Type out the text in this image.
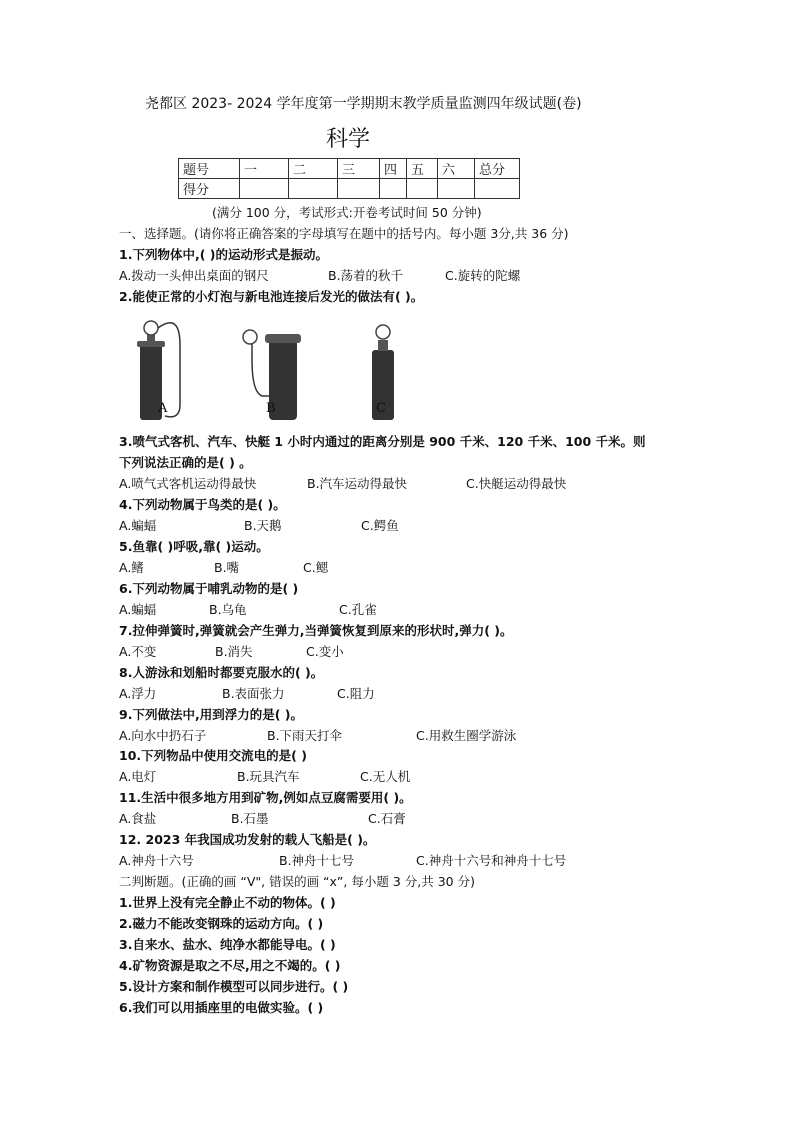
尧都区 2023- 2024 学年度第一学期期末教学质量监测四年级试题(卷)
科学
题号	一	二	三	四	五	六	总分
得分							
(满分 100 分，考试形式:开卷考试时间 50 分钟)
一、选择题。(请你将正确答案的字母填写在题中的括号内。每小题 3分,共 36 分)
1.下列物体中,( )的运动形式是振动。
A.拨动一头伸出桌面的钢尺	B.荡着的秋千	C.旋转的陀螺
2.能使正常的小灯泡与新电池连接后发光的做法有( )。
A	B	C
3.喷气式客机、汽车、快艇 1 小时内通过的距离分别是 900 千米、120 千米、100 千米。则
下列说法正确的是( ) 。
A.喷气式客机运动得最快	B.汽车运动得最快	C.快艇运动得最快
4.下列动物属于鸟类的是( )。
A.蝙蝠	B.天鹅	C.鳄鱼
5.鱼靠( )呼吸,靠( )运动。
A.鳍	B.嘴	C.鳃
6.下列动物属于哺乳动物的是( )
A.蝙蝠	B.乌龟	C.孔雀
7.拉伸弹簧时,弹簧就会产生弹力,当弹簧恢复到原来的形状时,弹力( )。
A.不变	B.消失	C.变小
8.人游泳和划船时都要克服水的( )。
A.浮力	B.表面张力	C.阻力
9.下列做法中,用到浮力的是( )。
A.向水中扔石子	B.下雨天打伞	C.用救生圈学游泳
10.下列物品中使用交流电的是( )
A.电灯	B.玩具汽车	C.无人机
11.生活中很多地方用到矿物,例如点豆腐需要用( )。
A.食盐	B.石墨	C.石膏
12. 2023 年我国成功发射的载人飞船是( )。
A.神舟十六号	B.神舟十七号	C.神舟十六号和神舟十七号
二判断题。(正确的画 “V", 错误的画 “x”, 每小题 3 分,共 30 分)
1.世界上没有完全静止不动的物体。( )
2.磁力不能改变钢珠的运动方向。( )
3.自来水、盐水、纯净水都能导电。( )
4.矿物资源是取之不尽,用之不竭的。( )
5.设计方案和制作模型可以同步进行。( )
6.我们可以用插座里的电做实验。( )
